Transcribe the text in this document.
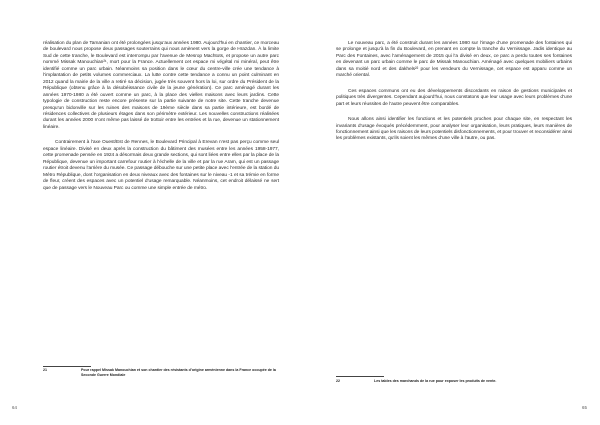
réalisation du plan de Tamanian ont été prolongées jusqu’aux années 1980. Aujourd’hui en chantier, ce morceau de boulevard nous propose deux passages souterrains qui nous amènent vers la gorge de Hrazdan. À la limite Sud de cette tranche, le Boulevard est interrompu par l’avenue de Mesrop Machtots, et propose un autre parc nommé Missak Manouchian²¹, mort pour la France. Actuellement cet espace mi végétal mi minéral, peut être identifié comme un parc urbain. Néanmoins sa position dans le cœur du centre-ville crée une tendance à l’implantation de petits volumes commerciaux. La lutte contre cette tendance a connu un point culminant en 2012 quand la mairie de la ville a retiré sa décision, jugée très souvent hors la loi, sur ordre du Président de la République (obtenu grâce à la désobéissance civile de la jeune génération). Ce parc aménagé durant les années 1970-1980 a été ouvert comme un parc, à la place des vielles maisons avec leurs jardins. Cette typologie de construction reste encore présente sur la partie suivante de notre site. Cette tranche devenue presqu’un bidonville sur les ruines des maisons de 19ème siècle dans sa partie intérieure, est bordé de résidences collectives de plusieurs étages dans son périmètre extérieur. Les nouvelles constructions réalisées durant les années 2000 n’ont même pas laissé de trottoir entre les entrées et la rue, devenue un stationnement linéaire.

Contrairement à l’axe Ouest/Est de Rennes, le Boulevard Principal à Erevan n’est pas perçu comme seul espace linéaire. Divisé en deux après la construction du bâtiment des musées entre les années 1958-1977, cette promenade pensée en 1924 a désormais deux grande sections, qui sont liées entre elles par la place de la République, devenue un important carrefour routier à l’échelle de la ville et par la rue Aram, qui est un passage routier étroit devenu l’arrière du musée. Ce passage débouche sur une petite place avec l’entrée de la station du Métro République, dont l’organisation en deux niveaux avec des fontaines sur le niveau -1 et sa trémie en forme de fleur, créent des espaces avec un potentiel d’usage remarquable. Néanmoins, cet endroit délaissé ne sert que de passage vers le Nouveau Parc ou comme une simple entrée de métro.

21	Pour rappel Missak Manouchian et son chantier des résistants d’origine arménienne dans la France occupée de la Seconde Guerre Mondiale
64

Le nouveau parc, a été construit durant les années 1980 sur l’image d’une promenade des fontaines qui se prolonge et jusqu’à la fin du Boulevard, en prenant en compte la tranche du Vernissage. Jadis identique au Parc des Fontaines, avec l’aménagement de 2015 qui l’a divisé en deux, ce parc a perdu toutes ses fontaines en devenant un parc urbain comme le parc de Missak Manouchian. Aménagé avec quelques mobiliers urbains dans sa moitié nord et des dakhels²² pour les vendeurs du Vernissage, cet espace est apparu comme un marché oriental.

Ces espaces communs ont eu des développements discordants en raison de gestions municipales et politiques très divergentes. Cependant aujourd’hui, nous constatons que leur usage avec leurs problèmes d’une part et leurs réussites de l’autre peuvent être comparables.

Nous allons ainsi identifier les fonctions et les potentiels proches pour chaque site, en respectant les invariants d’usage évoqués précédemment, pour analyser leur organisation, leurs pratiques, leurs manières de fonctionnement ainsi que les raisons de leurs potentiels disfonctionnements, et pour trouver et reconsidérer ainsi les problèmes existants, qu’ils soient les mêmes d’une ville à l’autre, ou pas.

22	Les tables des marchands de la rue pour exposer les produits de vente.
65
